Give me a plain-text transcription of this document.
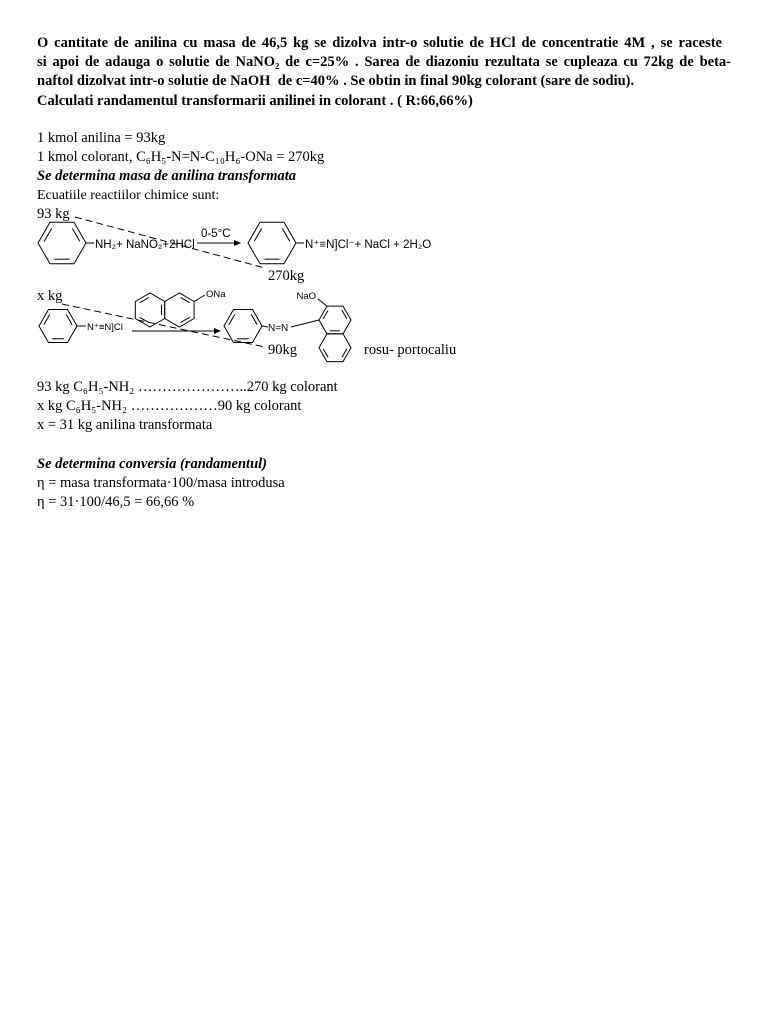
NH₂+ NaNO₂+2HCl
0-5°C
N⁺≡N]Cl⁻+ NaCl + 2H₂O
N⁺≡N]Cl
ONa
N=N
NaO
O cantitate de anilina cu masa de 46,5 kg se dizolva intr-o solutie de HCl de concentratie 4M , se raceste
si apoi de adauga o solutie de NaNO₂ de c=25% . Sarea de diazoniu rezultata se cupleaza cu 72kg de beta-
naftol dizolvat intr-o solutie de NaOH  de c=40% . Se obtin in final 90kg colorant (sare de sodiu).
Calculati randamentul transformarii anilinei in colorant . ( R:66,66%)
1 kmol anilina = 93kg
1 kmol colorant, C₆H₅-N=N-C₁₀H₆-ONa = 270kg
Se determina masa de anilina transformata
Ecuatiile reactiilor chimice sunt:
93 kg
270kg
x kg
90kg	rosu- portocaliu
93 kg C₆H₅-NH₂ …………………..270 kg colorant
x kg C₆H₅-NH₂ ………………90 kg colorant
x = 31 kg anilina transformata
Se determina conversia (randamentul)
η = masa transformata·100/masa introdusa
η = 31·100/46,5 = 66,66 %
